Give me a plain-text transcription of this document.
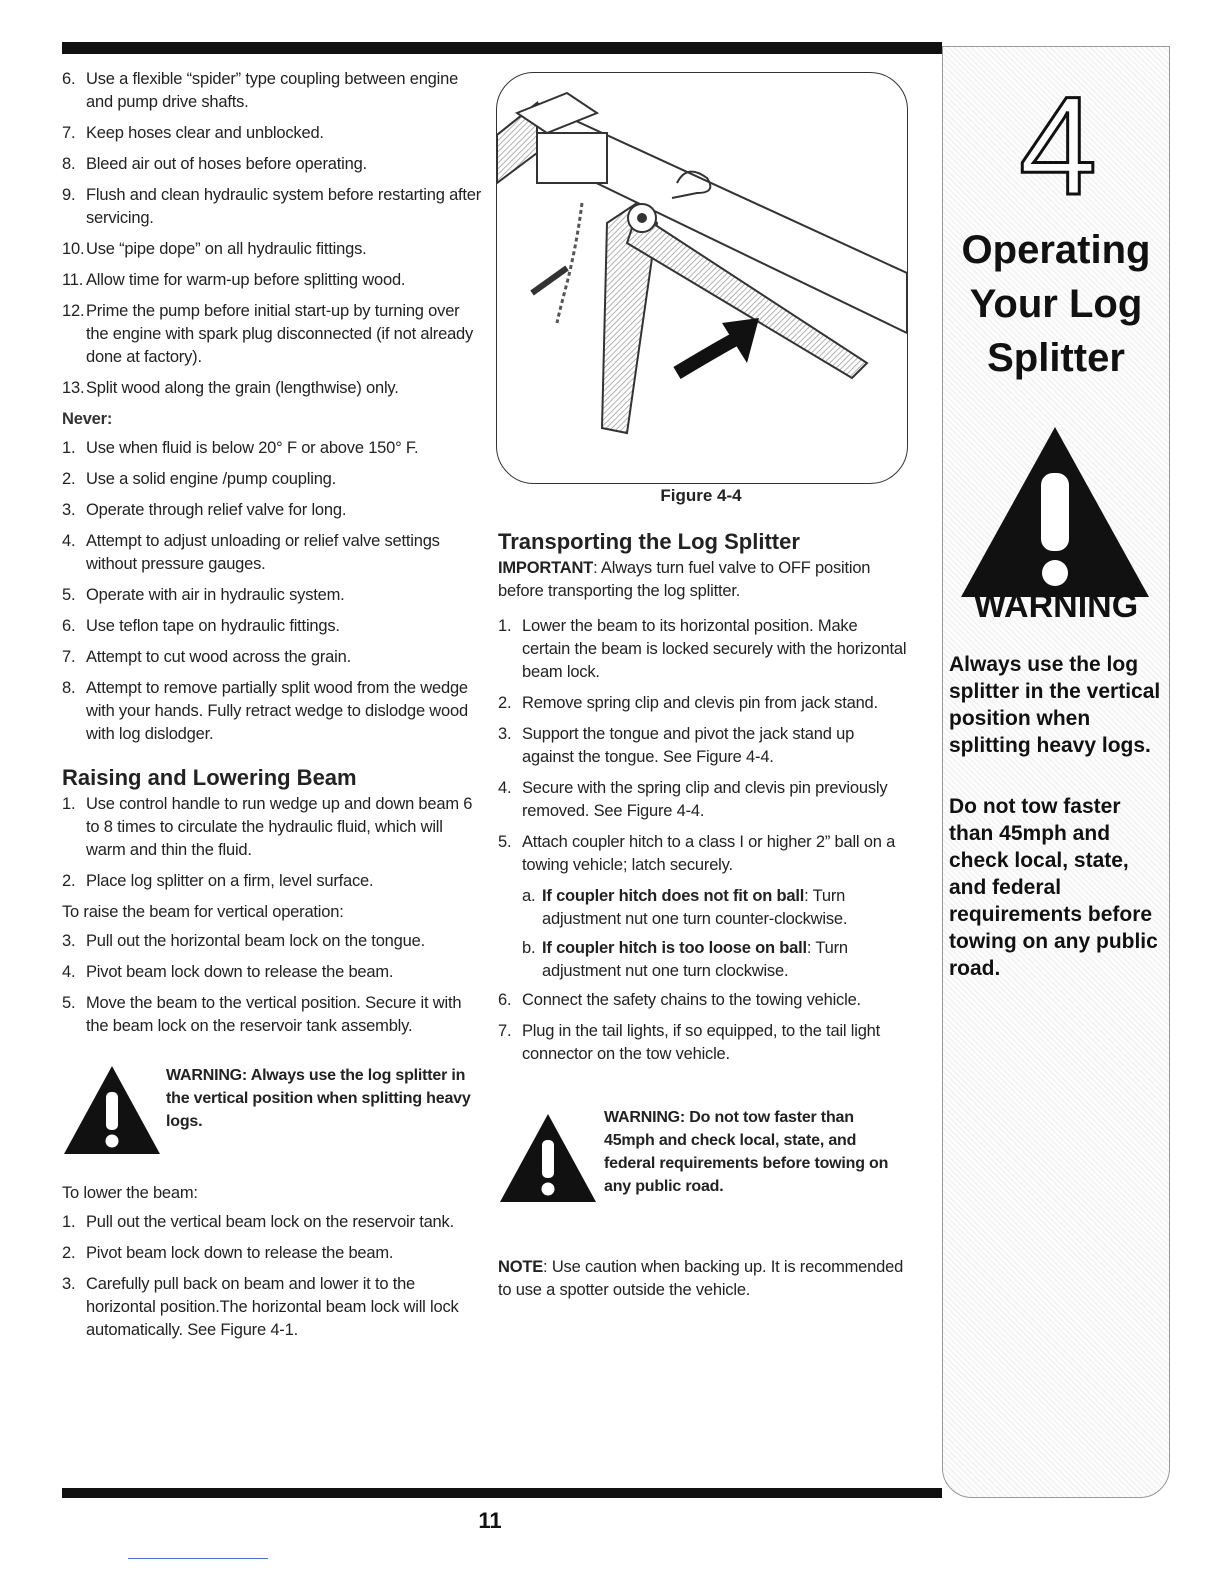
6. Use a flexible “spider” type coupling between engine and pump drive shafts.
7. Keep hoses clear and unblocked.
8. Bleed air out of hoses before operating.
9. Flush and clean hydraulic system before restarting after servicing.
10. Use “pipe dope” on all hydraulic fittings.
11. Allow time for warm-up before splitting wood.
12. Prime the pump before initial start-up by turning over the engine with spark plug disconnected (if not already done at factory).
13. Split wood along the grain (lengthwise) only.
Never:
1. Use when fluid is below 20° F or above 150° F.
2. Use a solid engine /pump coupling.
3. Operate through relief valve for long.
4. Attempt to adjust unloading or relief valve settings without pressure gauges.
5. Operate with air in hydraulic system.
6. Use teflon tape on hydraulic fittings.
7. Attempt to cut wood across the grain.
8. Attempt to remove partially split wood from the wedge with your hands. Fully retract wedge to dislodge wood with log dislodger.
Raising and Lowering Beam
1. Use control handle to run wedge up and down beam 6 to 8 times to circulate the hydraulic fluid, which will warm and thin the fluid.
2. Place log splitter on a firm, level surface.
To raise the beam for vertical operation:
3. Pull out the horizontal beam lock on the tongue.
4. Pivot beam lock down to release the beam.
5. Move the beam to the vertical position. Secure it with the beam lock on the reservoir tank assembly.
WARNING: Always use the log splitter in the vertical position when splitting heavy logs.
To lower the beam:
1. Pull out the vertical beam lock on the reservoir tank.
2. Pivot beam lock down to release the beam.
3. Carefully pull back on beam and lower it to the horizontal position.The horizontal beam lock will lock automatically. See Figure 4-1.
Figure 4-4
Transporting the Log Splitter
IMPORTANT: Always turn fuel valve to OFF position before transporting the log splitter.
1. Lower the beam to its horizontal position. Make certain the beam is locked securely with the horizontal beam lock.
2. Remove spring clip and clevis pin from jack stand.
3. Support the tongue and pivot the jack stand up against the tongue. See Figure 4-4.
4. Secure with the spring clip and clevis pin previously removed. See Figure 4-4.
5. Attach coupler hitch to a class I or higher 2” ball on a towing vehicle; latch securely.
a. If coupler hitch does not fit on ball: Turn adjustment nut one turn counter-clockwise.
b. If coupler hitch is too loose on ball: Turn adjustment nut one turn clockwise.
6. Connect the safety chains to the towing vehicle.
7. Plug in the tail lights, if so equipped, to the tail light connector on the tow vehicle.
WARNING: Do not tow faster than 45mph and check local, state, and federal requirements before towing on any public road.
NOTE: Use caution when backing up. It is recommended to use a spotter outside the vehicle.
4
Operating Your Log Splitter
WARNING
Always use the log splitter in the vertical position when splitting heavy logs.
Do not tow faster than 45mph and check local, state, and federal requirements before towing on any public road.
11
